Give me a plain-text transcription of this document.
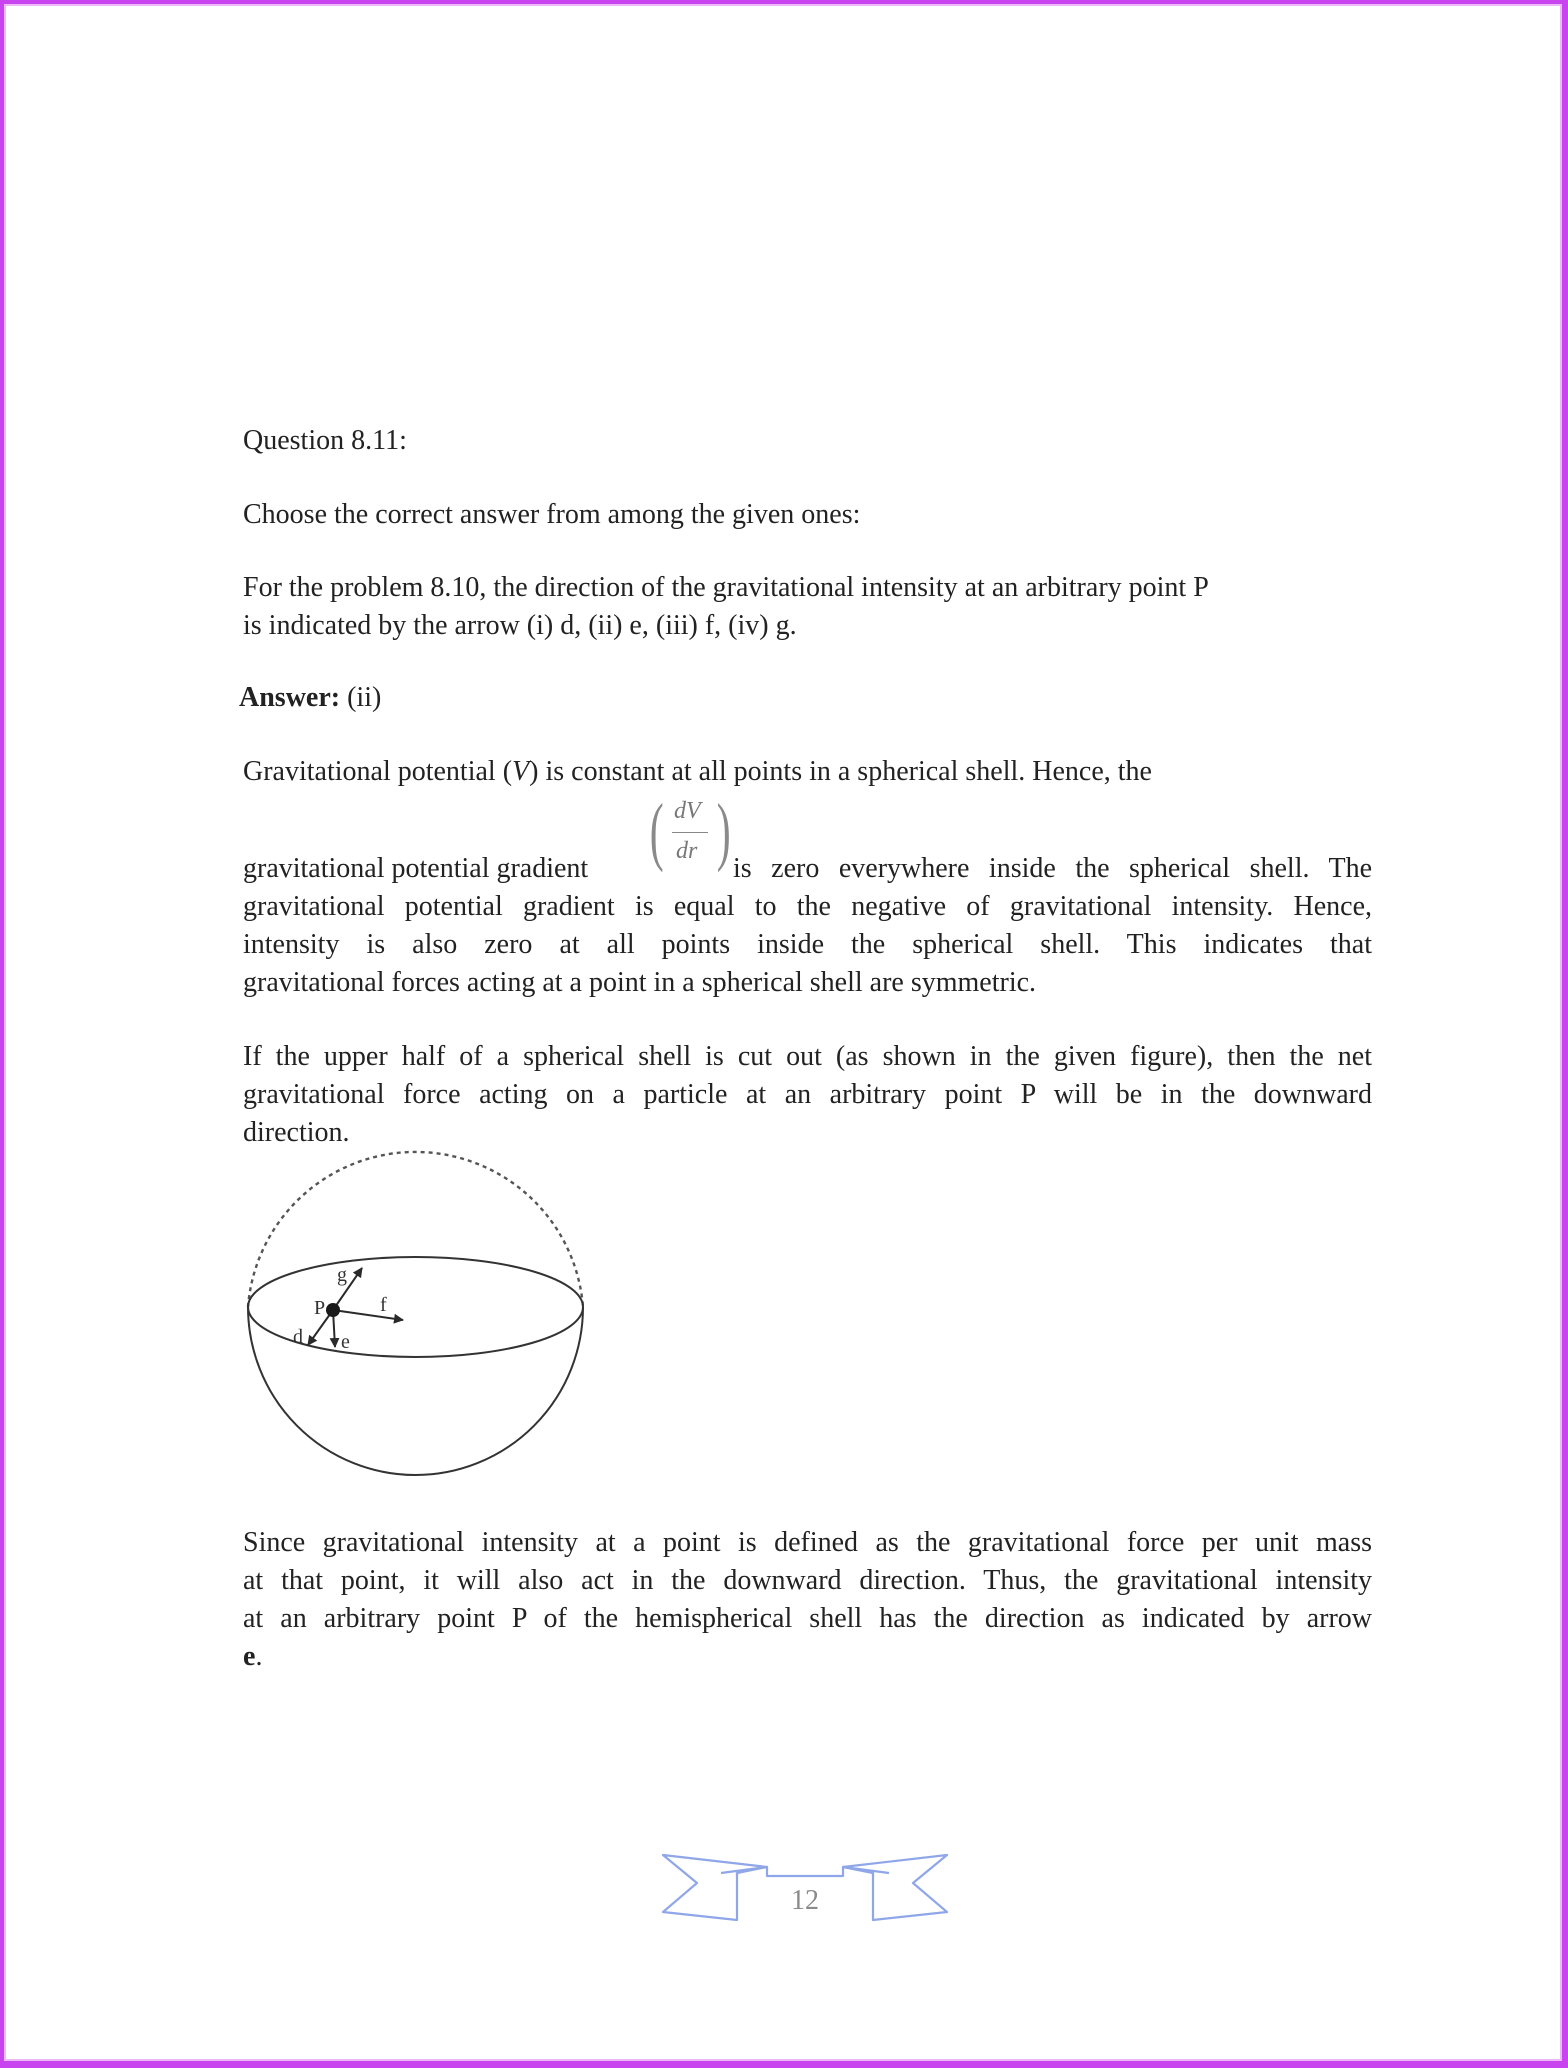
Question 8.11:
Choose the correct answer from among the given ones:
For the problem 8.10, the direction of the gravitational intensity at an arbitrary point P
is indicated by the arrow (i) d, (ii) e, (iii) f, (iv) g.
Answer: (ii)
Gravitational potential (V) is constant at all points in a spherical shell. Hence, the
gravitational potential gradient ( dV
dr ) is zero everywhere inside the spherical shell. The
gravitational potential gradient is equal to the negative of gravitational intensity. Hence,
intensity is also zero at all points inside the spherical shell. This indicates that
gravitational forces acting at a point in a spherical shell are symmetric.
If the upper half of a spherical shell is cut out (as shown in the given figure), then the net
gravitational force acting on a particle at an arbitrary point P will be in the downward
direction.
g
P	f
d e
Since gravitational intensity at a point is defined as the gravitational force per unit mass
at that point, it will also act in the downward direction. Thus, the gravitational intensity
at an arbitrary point P of the hemispherical shell has the direction as indicated by arrow
e.
12
